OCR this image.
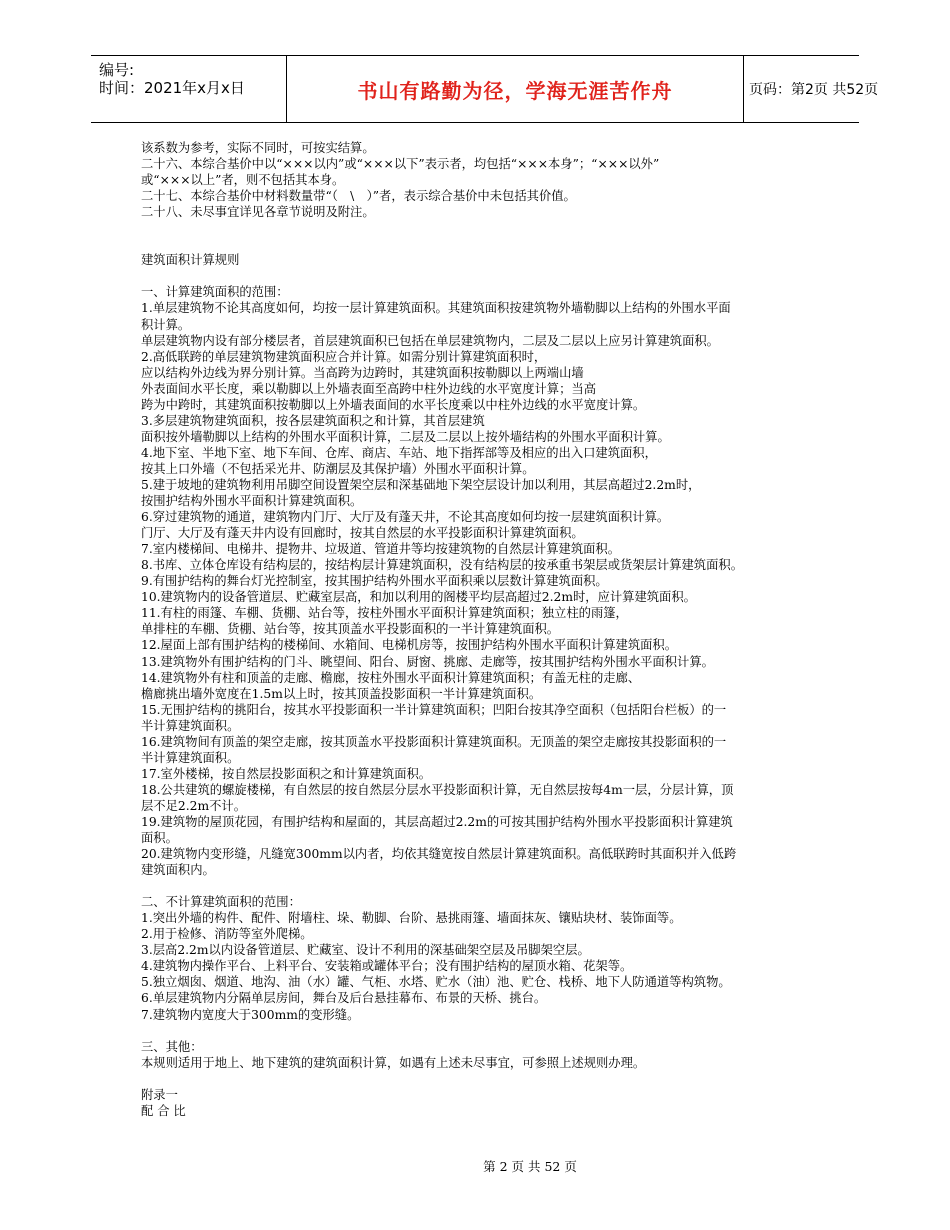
编号:
时间：2021年x月x日	书山有路勤为径，学海无涯苦作舟	页码：第2页 共52页
该系数为参考，实际不同时，可按实结算。
二十六、本综合基价中以“×××以内”或“×××以下”表示者，均包括“×××本身”；“×××以外”
或“×××以上”者，则不包括其本身。
二十七、本综合基价中材料数量带“（　\　）”者，表示综合基价中未包括其价值。
二十八、未尽事宜详见各章节说明及附注。
建筑面积计算规则
一、计算建筑面积的范围：
1.单层建筑物不论其高度如何，均按一层计算建筑面积。其建筑面积按建筑物外墙勒脚以上结构的外围水平面
积计算。
单层建筑物内设有部分楼层者，首层建筑面积已包括在单层建筑物内，二层及二层以上应另计算建筑面积。
2.高低联跨的单层建筑物建筑面积应合并计算。如需分别计算建筑面积时，
应以结构外边线为界分别计算。当高跨为边跨时，其建筑面积按勒脚以上两端山墙
外表面间水平长度，乘以勒脚以上外墙表面至高跨中柱外边线的水平宽度计算；当高
跨为中跨时，其建筑面积按勒脚以上外墙表面间的水平长度乘以中柱外边线的水平宽度计算。
3.多层建筑物建筑面积，按各层建筑面积之和计算，其首层建筑
面积按外墙勒脚以上结构的外围水平面积计算，二层及二层以上按外墙结构的外围水平面积计算。
4.地下室、半地下室、地下车间、仓库、商店、车站、地下指挥部等及相应的出入口建筑面积，
按其上口外墙（不包括采光井、防潮层及其保护墙）外围水平面积计算。
5.建于坡地的建筑物利用吊脚空间设置架空层和深基础地下架空层设计加以利用，其层高超过2.2m时，
按围护结构外围水平面积计算建筑面积。
6.穿过建筑物的通道，建筑物内门厅、大厅及有蓬天井，不论其高度如何均按一层建筑面积计算。
门厅、大厅及有蓬天井内设有回廊时，按其自然层的水平投影面积计算建筑面积。
7.室内楼梯间、电梯井、提物井、垃圾道、管道井等均按建筑物的自然层计算建筑面积。
8.书库、立体仓库设有结构层的，按结构层计算建筑面积，没有结构层的按承重书架层或货架层计算建筑面积。
9.有围护结构的舞台灯光控制室，按其围护结构外围水平面积乘以层数计算建筑面积。
10.建筑物内的设备管道层、贮藏室层高，和加以利用的阁楼平均层高超过2.2m时，应计算建筑面积。
11.有柱的雨篷、车棚、货棚、站台等，按柱外围水平面积计算建筑面积；独立柱的雨篷，
单排柱的车棚、货棚、站台等，按其顶盖水平投影面积的一半计算建筑面积。
12.屋面上部有围护结构的楼梯间、水箱间、电梯机房等，按围护结构外围水平面积计算建筑面积。
13.建筑物外有围护结构的门斗、眺望间、阳台、厨窗、挑廊、走廊等，按其围护结构外围水平面积计算。
14.建筑物外有柱和顶盖的走廊、檐廊，按柱外围水平面积计算建筑面积；有盖无柱的走廊、
檐廊挑出墙外宽度在1.5m以上时，按其顶盖投影面积一半计算建筑面积。
15.无围护结构的挑阳台，按其水平投影面积一半计算建筑面积；凹阳台按其净空面积（包括阳台栏板）的一
半计算建筑面积。
16.建筑物间有顶盖的架空走廊，按其顶盖水平投影面积计算建筑面积。无顶盖的架空走廊按其投影面积的一
半计算建筑面积。
17.室外楼梯，按自然层投影面积之和计算建筑面积。
18.公共建筑的螺旋楼梯，有自然层的按自然层分层水平投影面积计算，无自然层按每4m一层，分层计算，顶
层不足2.2m不计。
19.建筑物的屋顶花园，有围护结构和屋面的，其层高超过2.2m的可按其围护结构外围水平投影面积计算建筑
面积。
20.建筑物内变形缝，凡缝宽300mm以内者，均依其缝宽按自然层计算建筑面积。高低联跨时其面积并入低跨
建筑面积内。
二、不计算建筑面积的范围：
1.突出外墙的构件、配件、附墙柱、垛、勒脚、台阶、悬挑雨篷、墙面抹灰、镶贴块材、装饰面等。
2.用于检修、消防等室外爬梯。
3.层高2.2m以内设备管道层、贮藏室、设计不利用的深基础架空层及吊脚架空层。
4.建筑物内操作平台、上料平台、安装箱或罐体平台；没有围护结构的屋顶水箱、花架等。
5.独立烟囱、烟道、地沟、油（水）罐、气柜、水塔、贮水（油）池、贮仓、栈桥、地下人防通道等构筑物。
6.单层建筑物内分隔单层房间，舞台及后台悬挂幕布、布景的天桥、挑台。
7.建筑物内宽度大于300mm的变形缝。
三、其他：
本规则适用于地上、地下建筑的建筑面积计算，如遇有上述未尽事宜，可参照上述规则办理。
附录一
配 合 比
第 2 页 共 52 页
